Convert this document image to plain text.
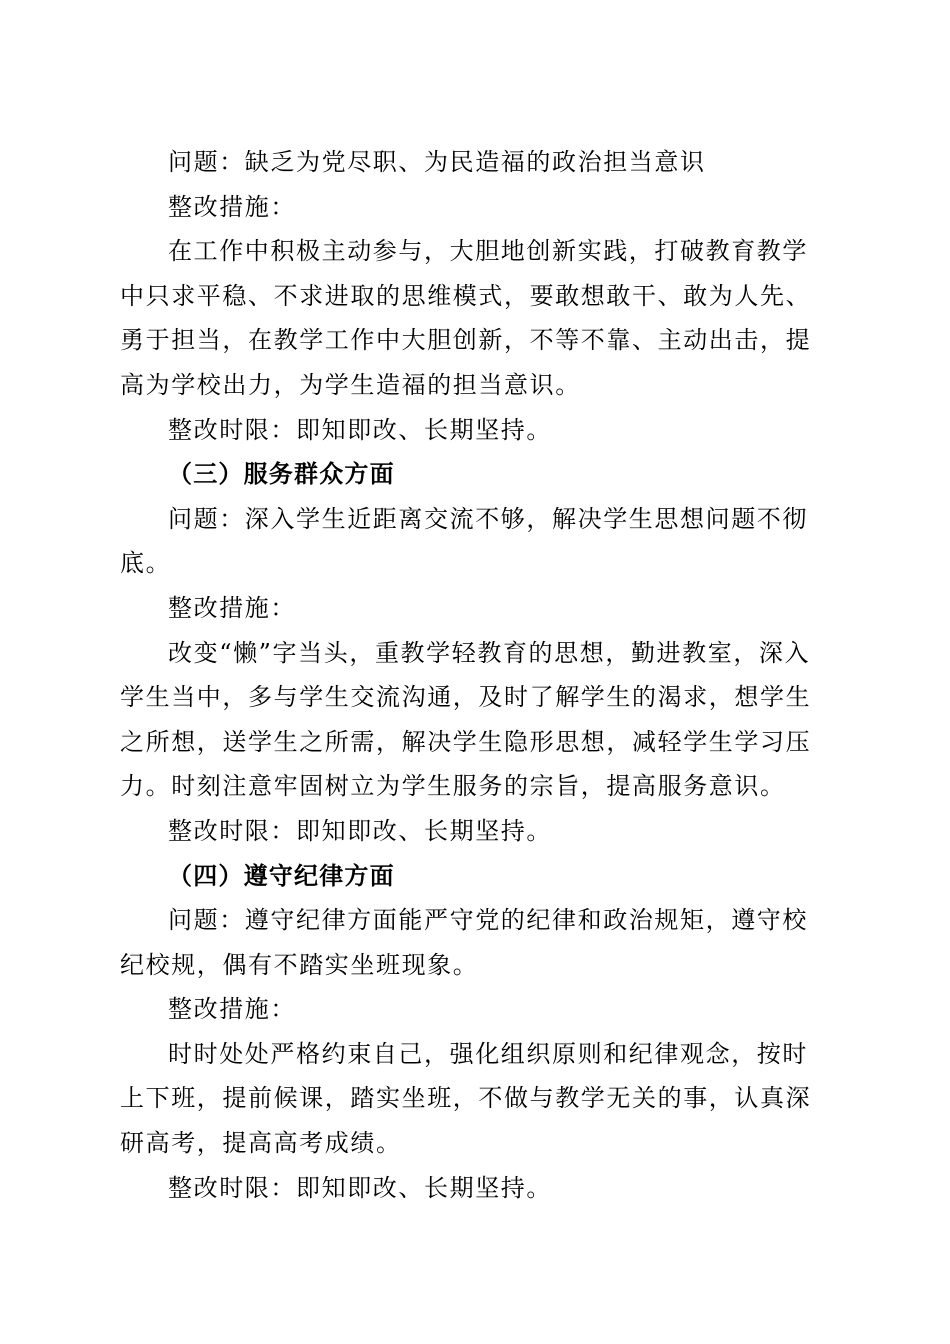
问题：缺乏为党尽职、为民造福的政治担当意识

整改措施：

在工作中积极主动参与，大胆地创新实践，打破教育教学中只求平稳、不求进取的思维模式，要敢想敢干、敢为人先、勇于担当，在教学工作中大胆创新，不等不靠、主动出击，提高为学校出力，为学生造福的担当意识。

整改时限：即知即改、长期坚持。

（三）服务群众方面

问题：深入学生近距离交流不够，解决学生思想问题不彻底。

整改措施：

改变“懒”字当头，重教学轻教育的思想，勤进教室，深入学生当中，多与学生交流沟通，及时了解学生的渴求，想学生之所想，送学生之所需，解决学生隐形思想，减轻学生学习压力。时刻注意牢固树立为学生服务的宗旨，提高服务意识。

整改时限：即知即改、长期坚持。

（四）遵守纪律方面

问题：遵守纪律方面能严守党的纪律和政治规矩，遵守校纪校规，偶有不踏实坐班现象。

整改措施：

时时处处严格约束自己，强化组织原则和纪律观念，按时上下班，提前候课，踏实坐班，不做与教学无关的事，认真深研高考，提高高考成绩。

整改时限：即知即改、长期坚持。
